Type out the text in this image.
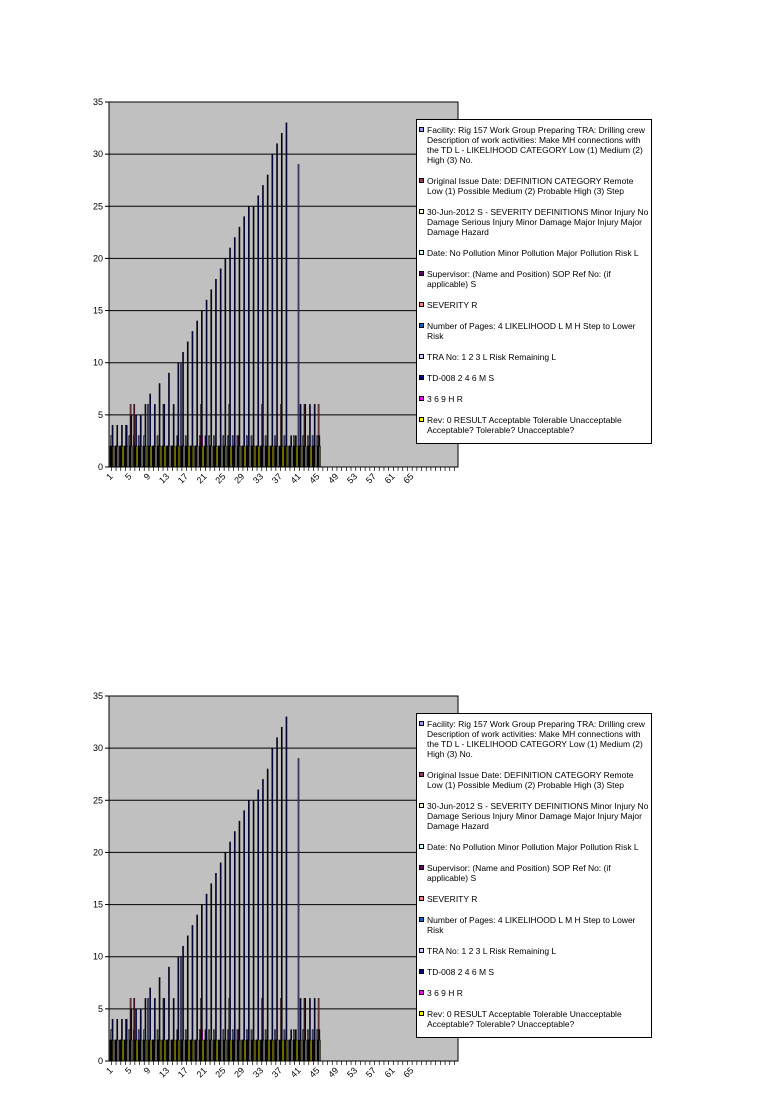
0
5
10
15
20
25
30
35
1 5 9 13 17 21 25 29 33 37 41 45 49 53 57 61 65
Facility: Rig 157 Work Group Preparing TRA: Drilling crew Description of work activities: Make MH connections with the TD L - LIKELIHOOD CATEGORY Low (1) Medium (2) High (3) No.
Original Issue Date: DEFINITION CATEGORY Remote Low (1) Possible Medium (2) Probable High (3) Step
30-Jun-2012 S - SEVERITY DEFINITIONS Minor Injury No Damage Serious Injury Minor Damage Major Injury Major Damage Hazard
Date: No Pollution Minor Pollution Major Pollution Risk L
Supervisor: (Name and Position) SOP Ref No: (if applicable) S
SEVERITY R
Number of Pages: 4 LIKELIHOOD L M H Step to Lower Risk
TRA No: 1 2 3 L Risk Remaining L
TD-008 2 4 6 M S
3 6 9 H R
Rev: 0 RESULT Acceptable Tolerable Unacceptable Acceptable? Tolerable? Unacceptable?
0
5
10
15
20
25
30
35
1 5 9 13 17 21 25 29 33 37 41 45 49 53 57 61 65
Facility: Rig 157 Work Group Preparing TRA: Drilling crew Description of work activities: Make MH connections with the TD L - LIKELIHOOD CATEGORY Low (1) Medium (2) High (3) No.
Original Issue Date: DEFINITION CATEGORY Remote Low (1) Possible Medium (2) Probable High (3) Step
30-Jun-2012 S - SEVERITY DEFINITIONS Minor Injury No Damage Serious Injury Minor Damage Major Injury Major Damage Hazard
Date: No Pollution Minor Pollution Major Pollution Risk L
Supervisor: (Name and Position) SOP Ref No: (if applicable) S
SEVERITY R
Number of Pages: 4 LIKELIHOOD L M H Step to Lower Risk
TRA No: 1 2 3 L Risk Remaining L
TD-008 2 4 6 M S
3 6 9 H R
Rev: 0 RESULT Acceptable Tolerable Unacceptable Acceptable? Tolerable? Unacceptable?
